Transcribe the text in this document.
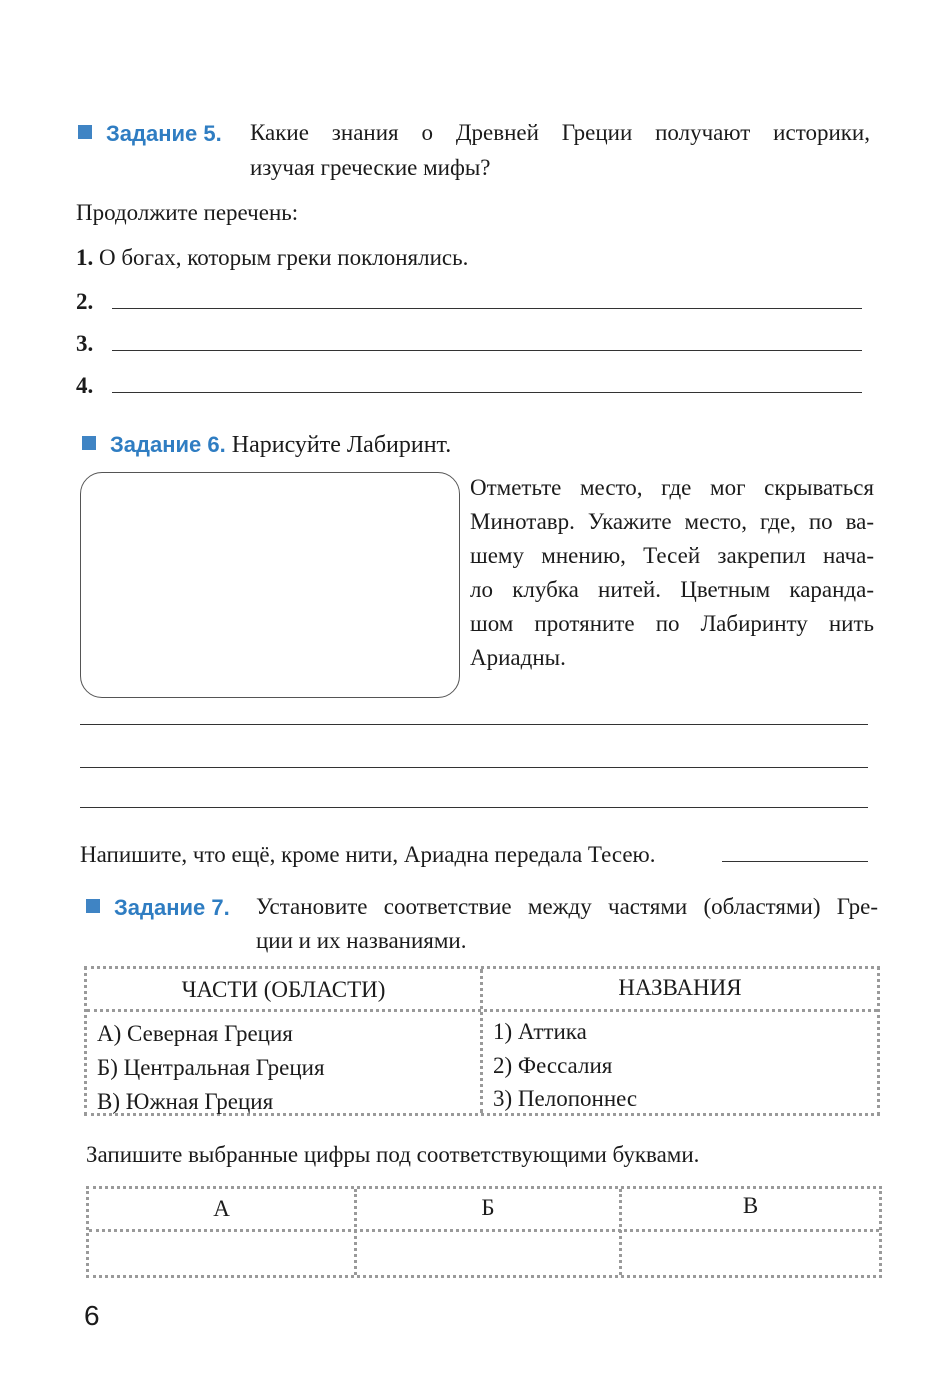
Задание 5.	Какие знания о Древней Греции получают историки,
изучая греческие мифы?
Продолжите перечень:
1. О богах, которым греки поклонялись.
2.
3.
4.
Задание 6. Нарисуйте Лабиринт.
Отметьте место, где мог скрываться
Минотавр. Укажите место, где, по ва-
шему мнению, Тесей закрепил нача-
ло клубка нитей. Цветным каранда-
шом протяните по Лабиринту нить
Ариадны.
Напишите, что ещё, кроме нити, Ариадна передала Тесею.
Задание 7. Установите соответствие между частями (областями) Гре-
ции и их названиями.
ЧАСТИ (ОБЛАСТИ)	НАЗВАНИЯ
А) Северная Греция
Б) Центральная Греция
В) Южная Греция
1) Аттика
2) Фессалия
3) Пелопоннес
Запишите выбранные цифры под соответствующими буквами.
А	Б	В
6
